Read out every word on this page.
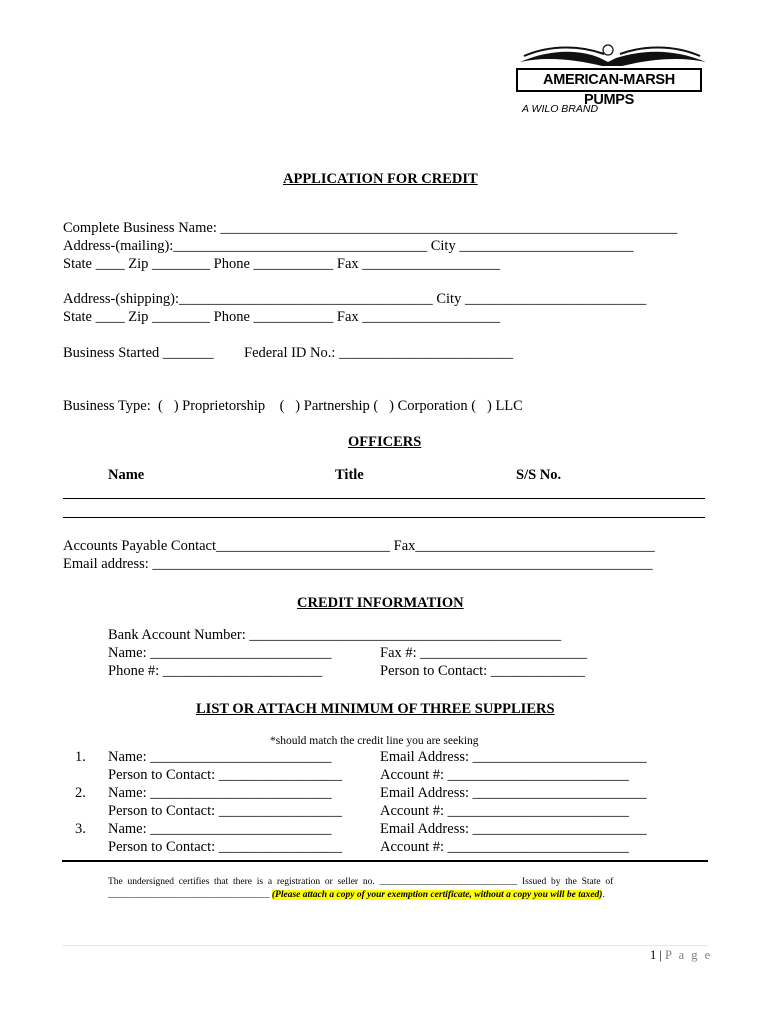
AMERICAN-MARSH PUMPS
A WILO BRAND
APPLICATION FOR CREDIT
Complete Business Name: _______________________________________________________________
Address-(mailing):___________________________________ City ________________________
State ____ Zip ________ Phone ___________ Fax ___________________
Address-(shipping):___________________________________ City _________________________
State ____ Zip ________ Phone ___________ Fax ___________________
Business Started _______ Federal ID No.: ________________________
Business Type:  (   ) Proprietorship    (   ) Partnership (   ) Corporation (   ) LLC
OFFICERS
Name	Title	S/S No.
Accounts Payable Contact________________________ Fax_________________________________
Email address: _____________________________________________________________________
CREDIT INFORMATION
Bank Account Number: ___________________________________________
Name: _________________________	Fax #: _______________________
Phone #: ______________________	Person to Contact: _____________
LIST OR ATTACH MINIMUM OF THREE SUPPLIERS
*should match the credit line you are seeking
1. Name: _________________________	Email Address: ________________________
Person to Contact: _________________	Account #: _________________________
2. Name: _________________________	Email Address: ________________________
Person to Contact: _________________	Account #: _________________________
3. Name: _________________________	Email Address: ________________________
Person to Contact: _________________	Account #: _________________________
The  undersigned  certifies  that  there  is  a  registration  or  seller  no.  _____________________________  Issued  by  the  State  of
__________________________________ (Please attach a copy of your exemption certificate, without a copy you will be taxed).
1 | P a g e
